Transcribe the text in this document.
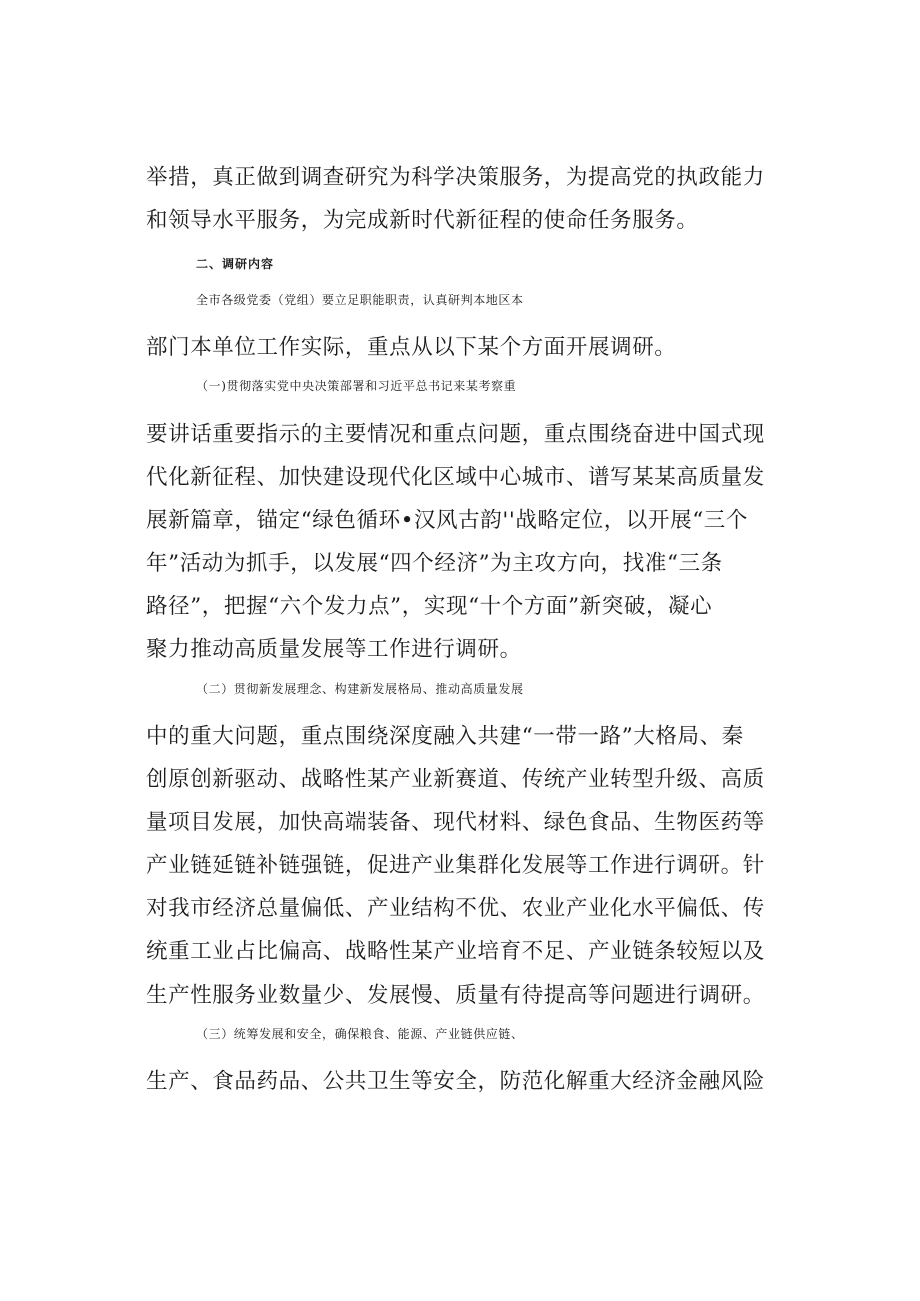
举措，真正做到调查研究为科学决策服务，为提高党的执政能力
和领导水平服务，为完成新时代新征程的使命任务服务。
二、调研内容
全市各级党委（党组）要立足职能职责，认真研判本地区本
部门本单位工作实际，重点从以下某个方面开展调研。
（一)贯彻落实党中央决策部署和习近平总书记来某考察重
要讲话重要指示的主要情况和重点问题，重点围绕奋进中国式现
代化新征程、加快建设现代化区域中心城市、谱写某某高质量发
展新篇章，锚定“绿色循环•汉风古韵''战略定位，以开展“三个
年”活动为抓手，以发展“四个经济”为主攻方向，找准“三条
路径”，把握“六个发力点”，实现“十个方面”新突破，凝心
聚力推动高质量发展等工作进行调研。
（二）贯彻新发展理念、构建新发展格局、推动高质量发展
中的重大问题，重点围绕深度融入共建“一带一路”大格局、秦
创原创新驱动、战略性某产业新赛道、传统产业转型升级、高质
量项目发展，加快高端装备、现代材料、绿色食品、生物医药等
产业链延链补链强链，促进产业集群化发展等工作进行调研。针
对我市经济总量偏低、产业结构不优、农业产业化水平偏低、传
统重工业占比偏高、战略性某产业培育不足、产业链条较短以及
生产性服务业数量少、发展慢、质量有待提高等问题进行调研。
（三）统筹发展和安全，确保粮食、能源、产业链供应链、
生产、食品药品、公共卫生等安全，防范化解重大经济金融风险
